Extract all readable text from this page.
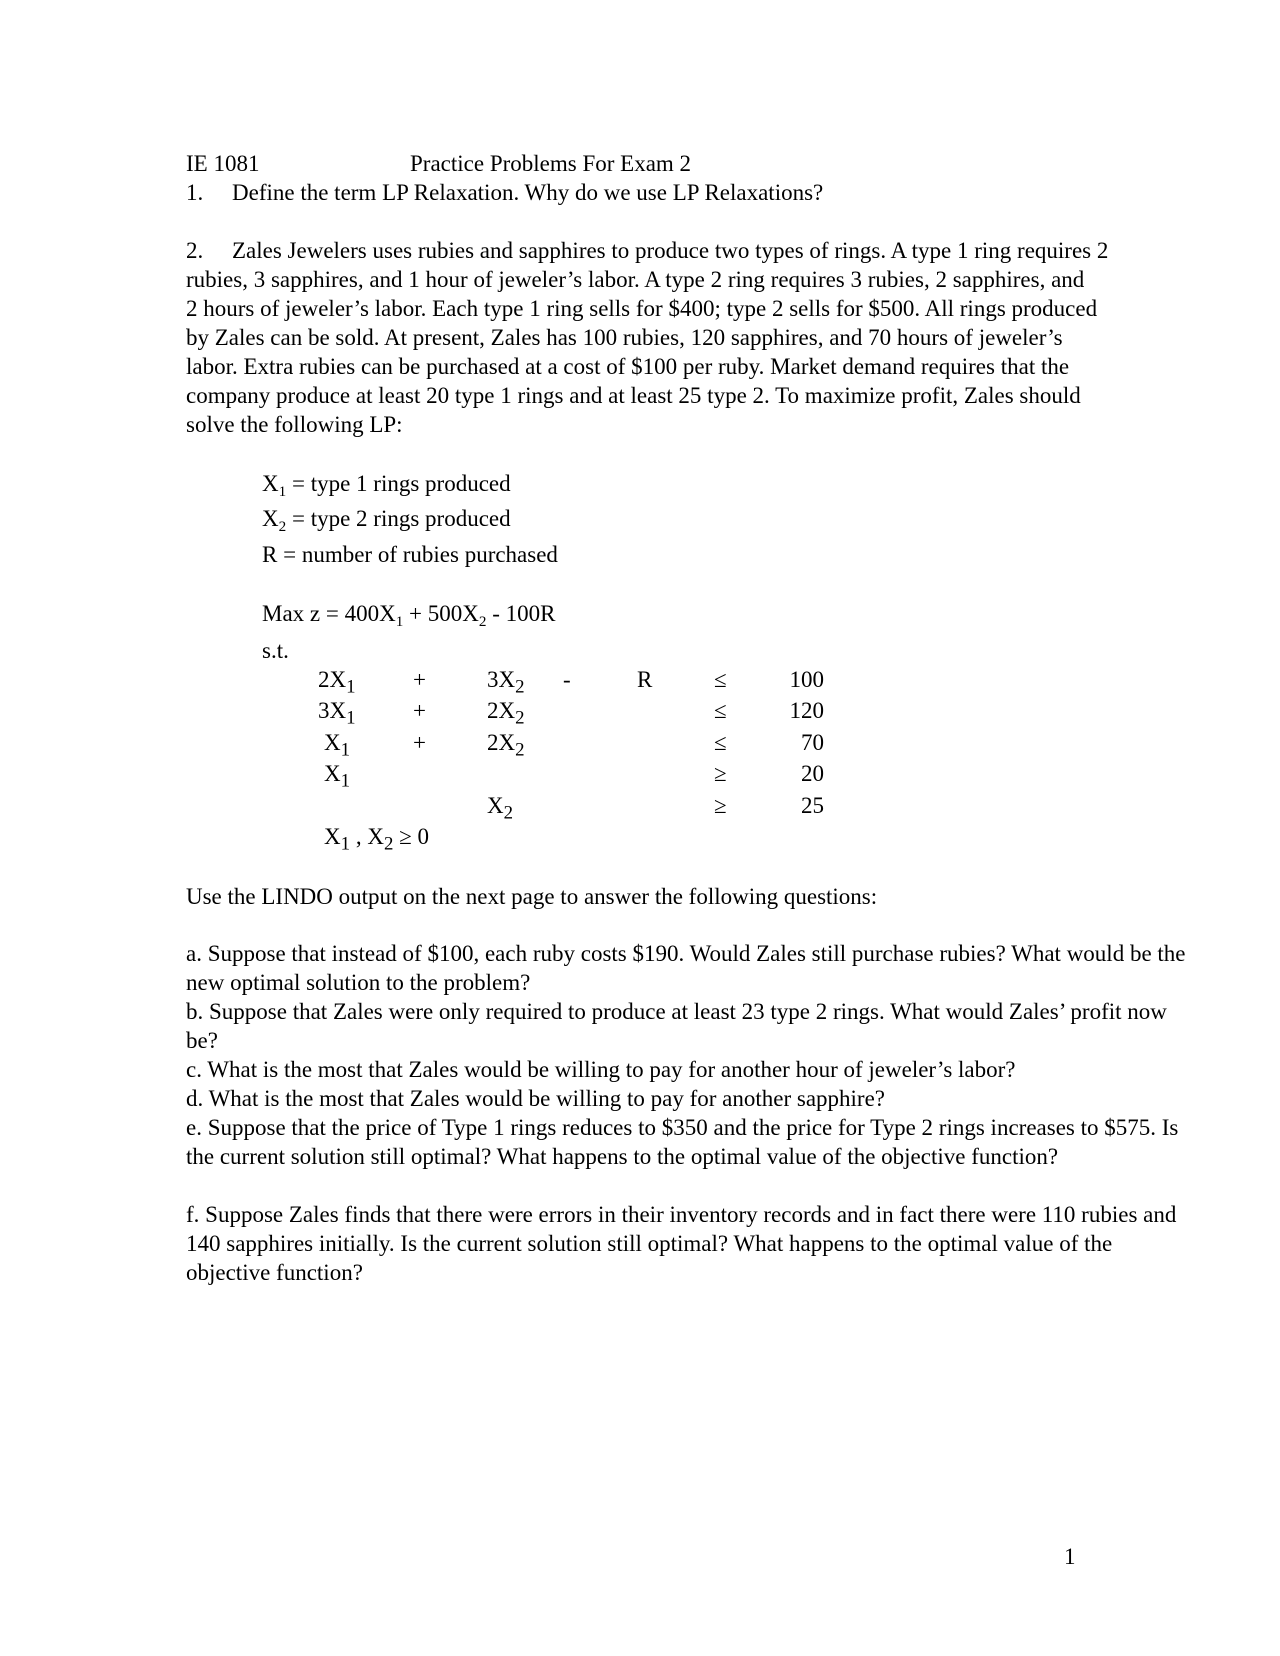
IE 1081	Practice Problems For Exam 2
1. Define the term LP Relaxation. Why do we use LP Relaxations?
2. Zales Jewelers uses rubies and sapphires to produce two types of rings. A type 1 ring requires 2
rubies, 3 sapphires, and 1 hour of jeweler’s labor. A type 2 ring requires 3 rubies, 2 sapphires, and
2 hours of jeweler’s labor. Each type 1 ring sells for $400; type 2 sells for $500. All rings produced
by Zales can be sold. At present, Zales has 100 rubies, 120 sapphires, and 70 hours of jeweler’s
labor. Extra rubies can be purchased at a cost of $100 per ruby. Market demand requires that the
company produce at least 20 type 1 rings and at least 25 type 2. To maximize profit, Zales should
solve the following LP:
$X_1$ = type 1 rings produced
$X_2$ = type 2 rings produced
R = number of rubies purchased
Max $z = 400X_1 + 500X_2 - 100R$
s.t.
$2X_1$ +	$3X_2$ -	R	≤	100
$3X_1$ +	$2X_2$	≤	120
$X_1$	+	$2X_2$	≤	70
$X_1$	≥	20
$X_2$	≥	25
$X_1$ , $X_2 \ge 0$
Use the LINDO output on the next page to answer the following questions:
a. Suppose that instead of $100, each ruby costs $190. Would Zales still purchase rubies? What would be the new optimal solution to the problem?
b. Suppose that Zales were only required to produce at least 23 type 2 rings. What would Zales’ profit now be?
c. What is the most that Zales would be willing to pay for another hour of jeweler’s labor?
d. What is the most that Zales would be willing to pay for another sapphire?
e. Suppose that the price of Type 1 rings reduces to $350 and the price for Type 2 rings increases to $575. Is the current solution still optimal? What happens to the optimal value of the objective function?
f. Suppose Zales finds that there were errors in their inventory records and in fact there were 110 rubies and 140 sapphires initially. Is the current solution still optimal? What happens to the optimal value of the objective function?
1
